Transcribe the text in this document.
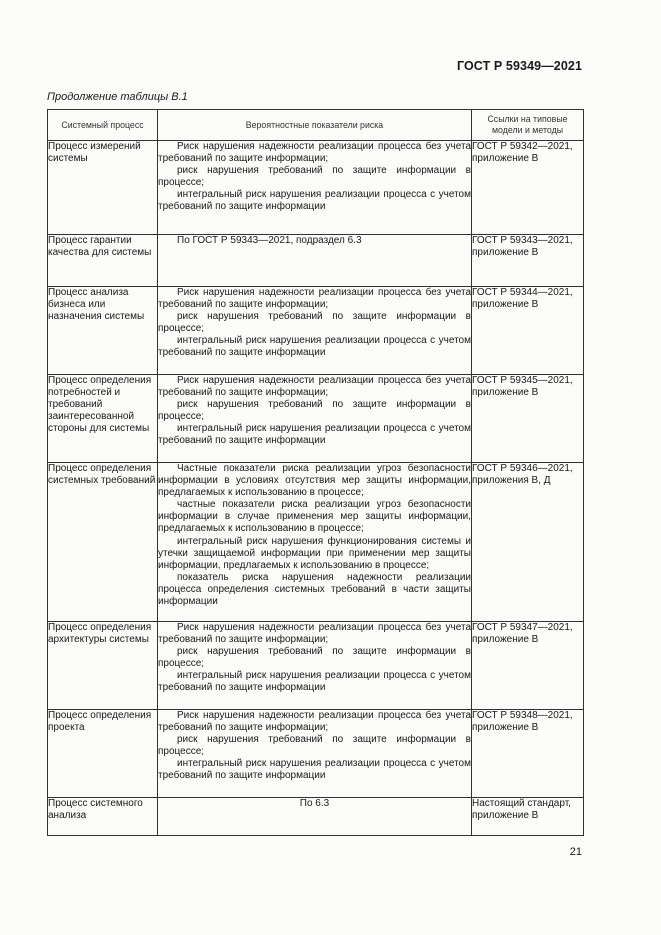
ГОСТ Р 59349—2021
Продолжение таблицы В.1
Системный процесс	Вероятностные показатели риска	Ссылки на типовые модели и методы
Процесс измерений системы	Риск нарушения надежности реализации процесса без учета требований по защите информации;

риск нарушения требований по защите информации в процессе;

интегральный риск нарушения реализации процесса с учетом требований по защите информации	ГОСТ Р 59342—2021, приложение В
Процесс гарантии качества для системы	По ГОСТ Р 59343—2021, подраздел 6.3	ГОСТ Р 59343—2021, приложение В
Процесс анализа бизнеса или назначения системы	Риск нарушения надежности реализации процесса без учета требований по защите информации;

риск нарушения требований по защите информации в процессе;

интегральный риск нарушения реализации процесса с учетом требований по защите информации	ГОСТ Р 59344—2021, приложение В
Процесс определения потребностей и требований заинтересованной стороны для системы	Риск нарушения надежности реализации процесса без учета требований по защите информации;

риск нарушения требований по защите информации в процессе;

интегральный риск нарушения реализации процесса с учетом требований по защите информации	ГОСТ Р 59345—2021, приложение В
Процесс определения системных требований	Частные показатели риска реализации угроз безопасности информации в условиях отсутствия мер защиты информации, предлагаемых к использованию в процессе;

частные показатели риска реализации угроз безопасности информации в случае применения мер защиты информации, предлагаемых к использованию в процессе;

интегральный риск нарушения функционирования системы и утечки защищаемой информации при применении мер защиты информации, предлагаемых к использованию в процессе;

показатель риска нарушения надежности реализации процесса определения системных требований в части защиты информации	ГОСТ Р 59346—2021, приложения В, Д
Процесс определения архитектуры системы	Риск нарушения надежности реализации процесса без учета требований по защите информации;

риск нарушения требований по защите информации в процессе;

интегральный риск нарушения реализации процесса с учетом требований по защите информации	ГОСТ Р 59347—2021, приложение В
Процесс определения проекта	Риск нарушения надежности реализации процесса без учета требований по защите информации;

риск нарушения требований по защите информации в процессе;

интегральный риск нарушения реализации процесса с учетом требований по защите информации	ГОСТ Р 59348—2021, приложение В
Процесс системного анализа	По 6.3	Настоящий стандарт, приложение В
21
